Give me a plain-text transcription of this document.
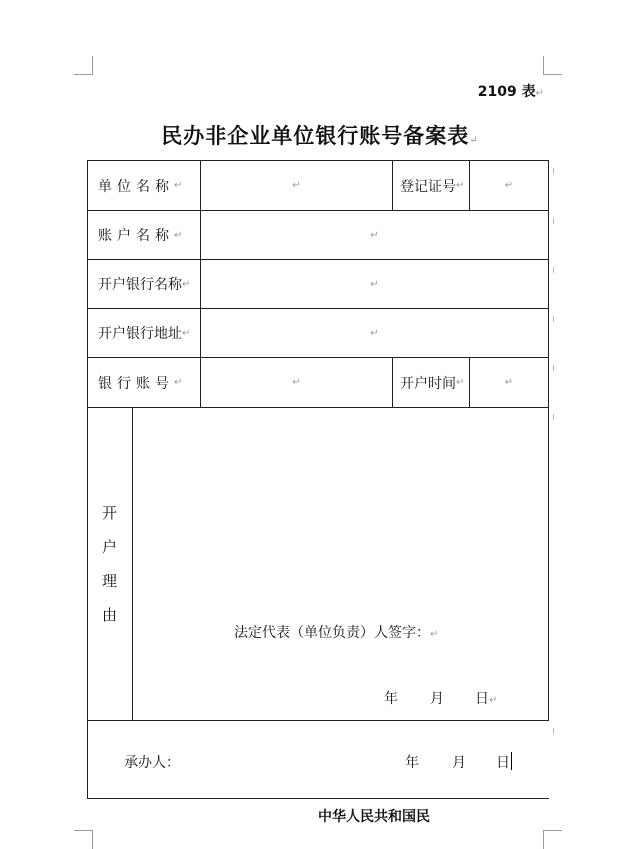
2109 表↵
民办非企业单位银行账号备案表↵
单位名称 ↵	↵	登记证号 ↵	↵
账户名称 ↵	↵
开户银行名称 ↵	↵
开户银行地址 ↵	↵
银行账号 ↵	↵	开户时间 ↵	↵
开
户
理
由
法定代表（单位负责）人签字：↵
年 月 日↵
承办人：	年 月 日
中华人民共和国民
